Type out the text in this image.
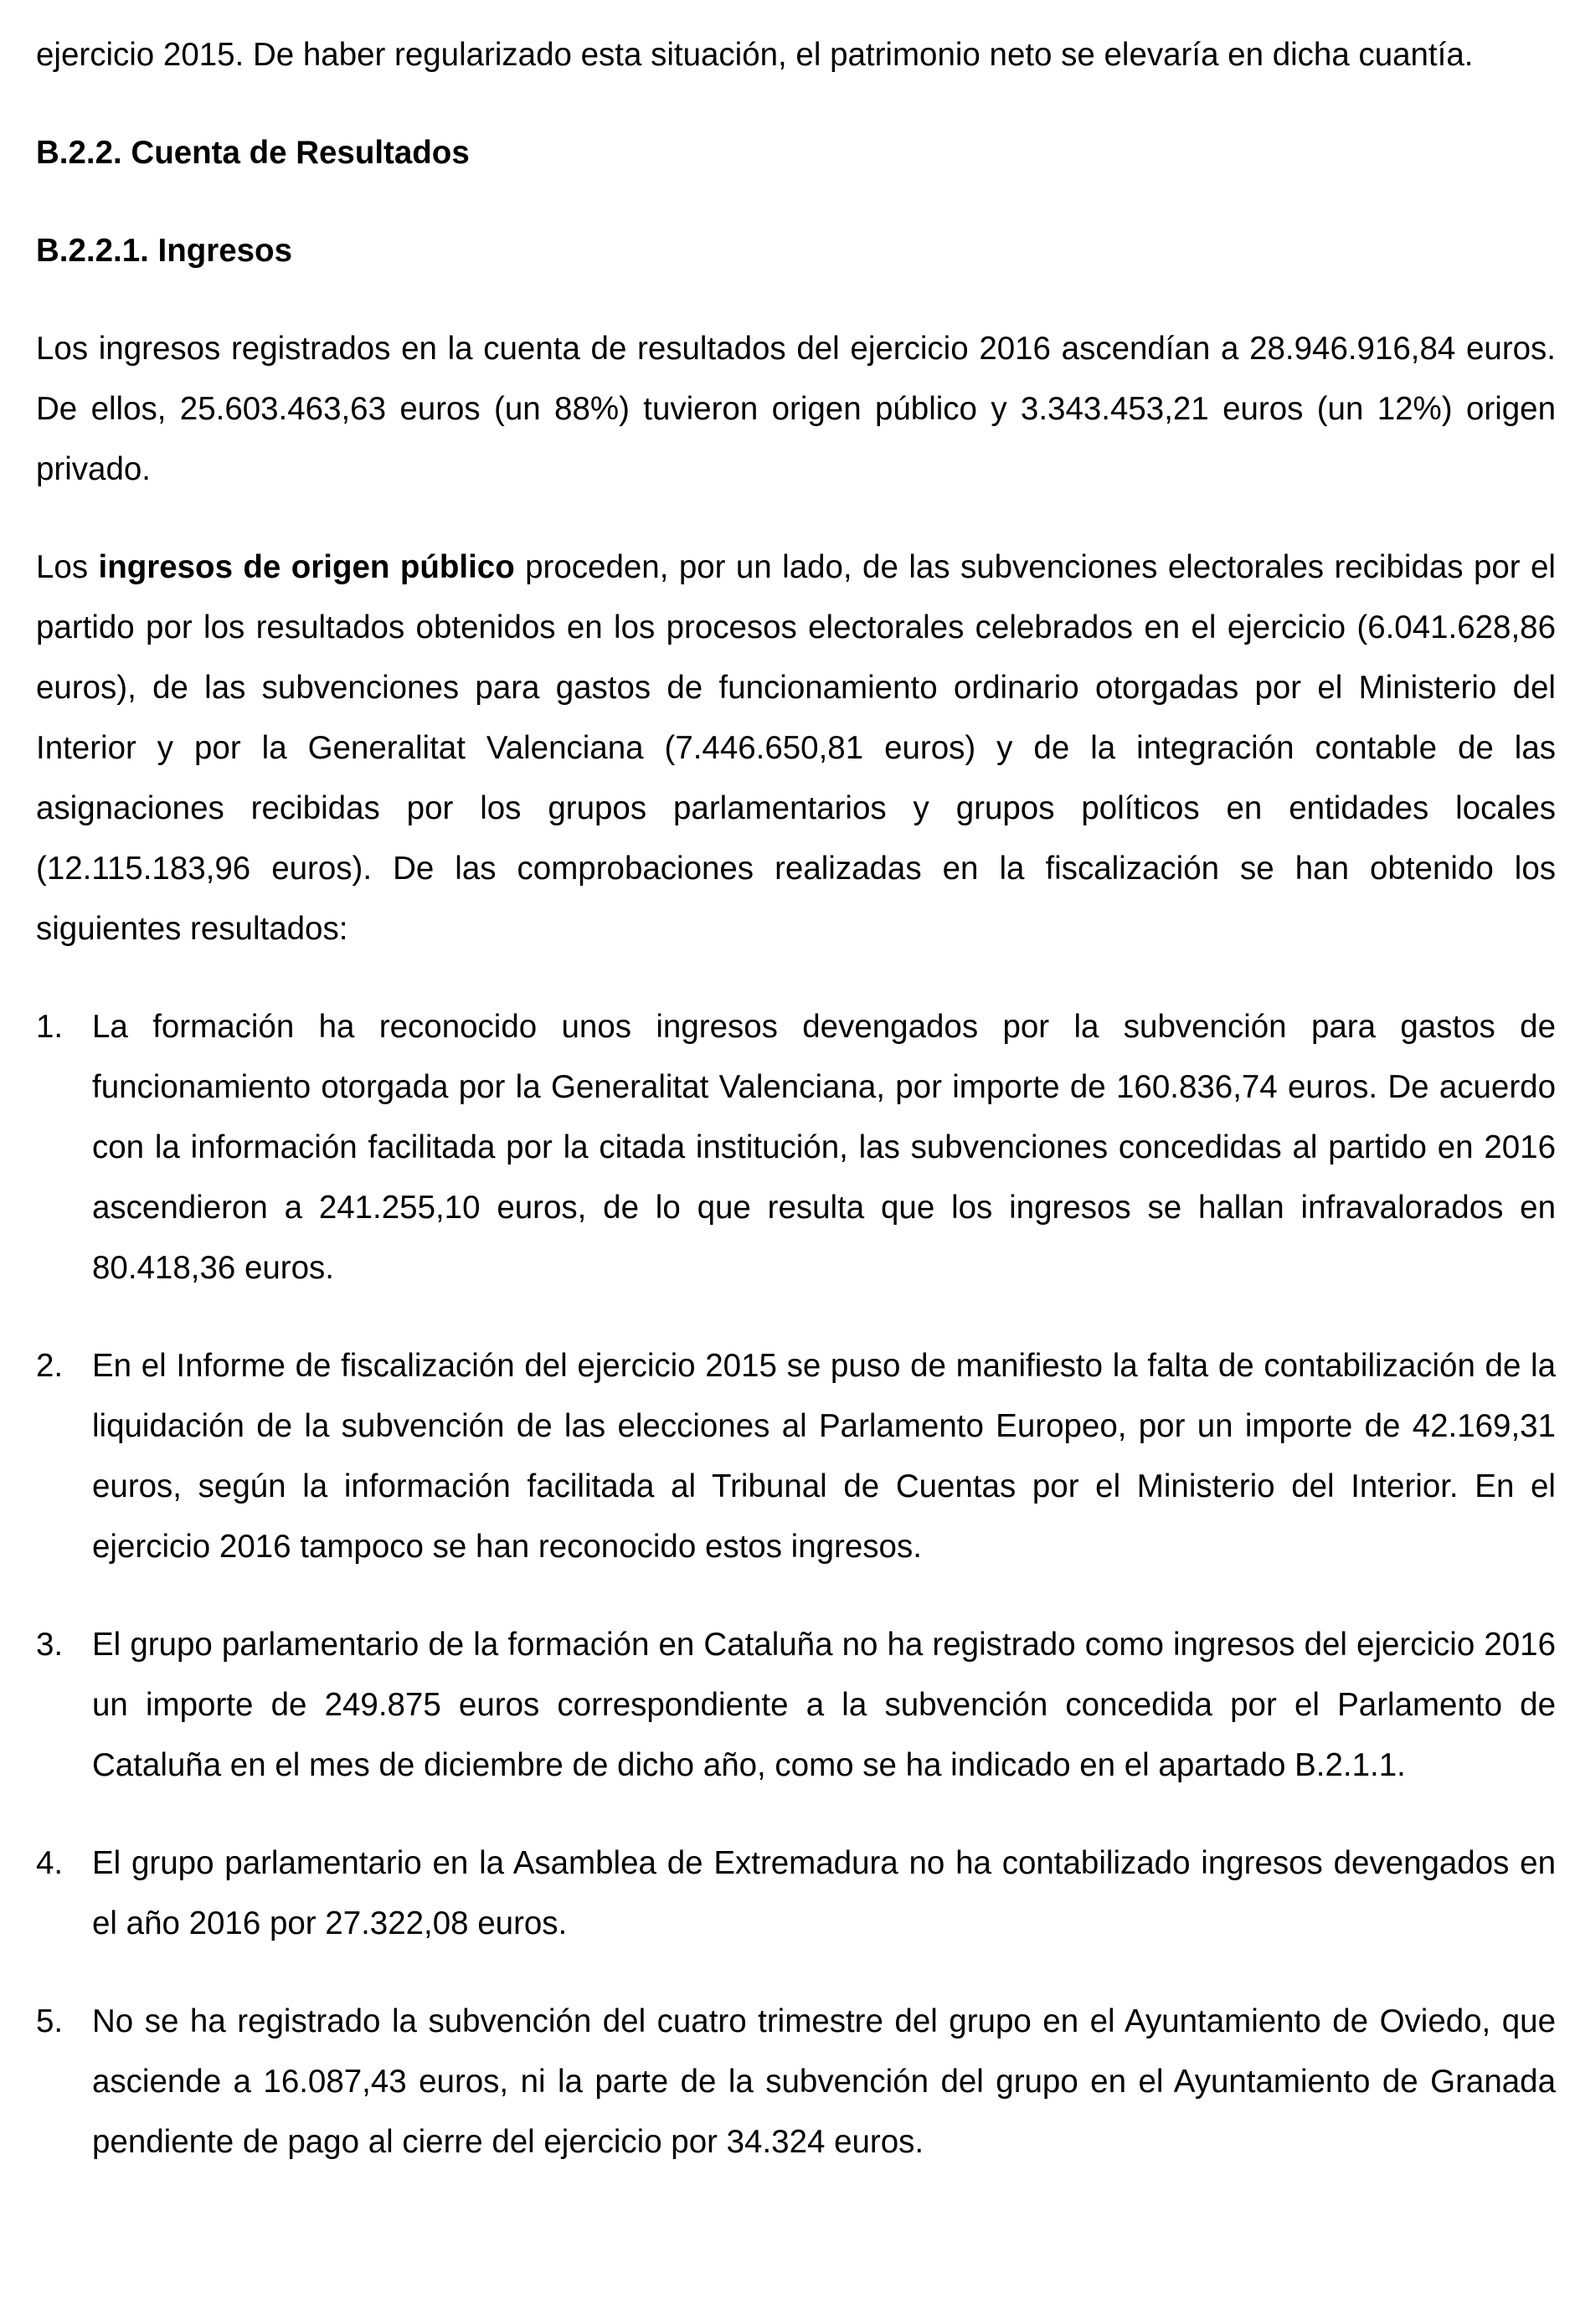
ejercicio 2015. De haber regularizado esta situación, el patrimonio neto se elevaría en dicha cuantía.

B.2.2. Cuenta de Resultados

B.2.2.1. Ingresos

Los ingresos registrados en la cuenta de resultados del ejercicio 2016 ascendían a 28.946.916,84 euros. De ellos, 25.603.463,63 euros (un 88%) tuvieron origen público y 3.343.453,21 euros (un 12%) origen privado.

Los ingresos de origen público proceden, por un lado, de las subvenciones electorales recibidas por el partido por los resultados obtenidos en los procesos electorales celebrados en el ejercicio (6.041.628,86 euros), de las subvenciones para gastos de funcionamiento ordinario otorgadas por el Ministerio del Interior y por la Generalitat Valenciana (7.446.650,81 euros) y de la integración contable de las asignaciones recibidas por los grupos parlamentarios y grupos políticos en entidades locales (12.115.183,96 euros). De las comprobaciones realizadas en la fiscalización se han obtenido los siguientes resultados:

1. La formación ha reconocido unos ingresos devengados por la subvención para gastos de funcionamiento otorgada por la Generalitat Valenciana, por importe de 160.836,74 euros. De acuerdo con la información facilitada por la citada institución, las subvenciones concedidas al partido en 2016 ascendieron a 241.255,10 euros, de lo que resulta que los ingresos se hallan infravalorados en 80.418,36 euros.

2. En el Informe de fiscalización del ejercicio 2015 se puso de manifiesto la falta de contabilización de la liquidación de la subvención de las elecciones al Parlamento Europeo, por un importe de 42.169,31 euros, según la información facilitada al Tribunal de Cuentas por el Ministerio del Interior. En el ejercicio 2016 tampoco se han reconocido estos ingresos.

3. El grupo parlamentario de la formación en Cataluña no ha registrado como ingresos del ejercicio 2016 un importe de 249.875 euros correspondiente a la subvención concedida por el Parlamento de Cataluña en el mes de diciembre de dicho año, como se ha indicado en el apartado B.2.1.1.

4. El grupo parlamentario en la Asamblea de Extremadura no ha contabilizado ingresos devengados en el año 2016 por 27.322,08 euros.

5. No se ha registrado la subvención del cuatro trimestre del grupo en el Ayuntamiento de Oviedo, que asciende a 16.087,43 euros, ni la parte de la subvención del grupo en el Ayuntamiento de Granada pendiente de pago al cierre del ejercicio por 34.324 euros.
